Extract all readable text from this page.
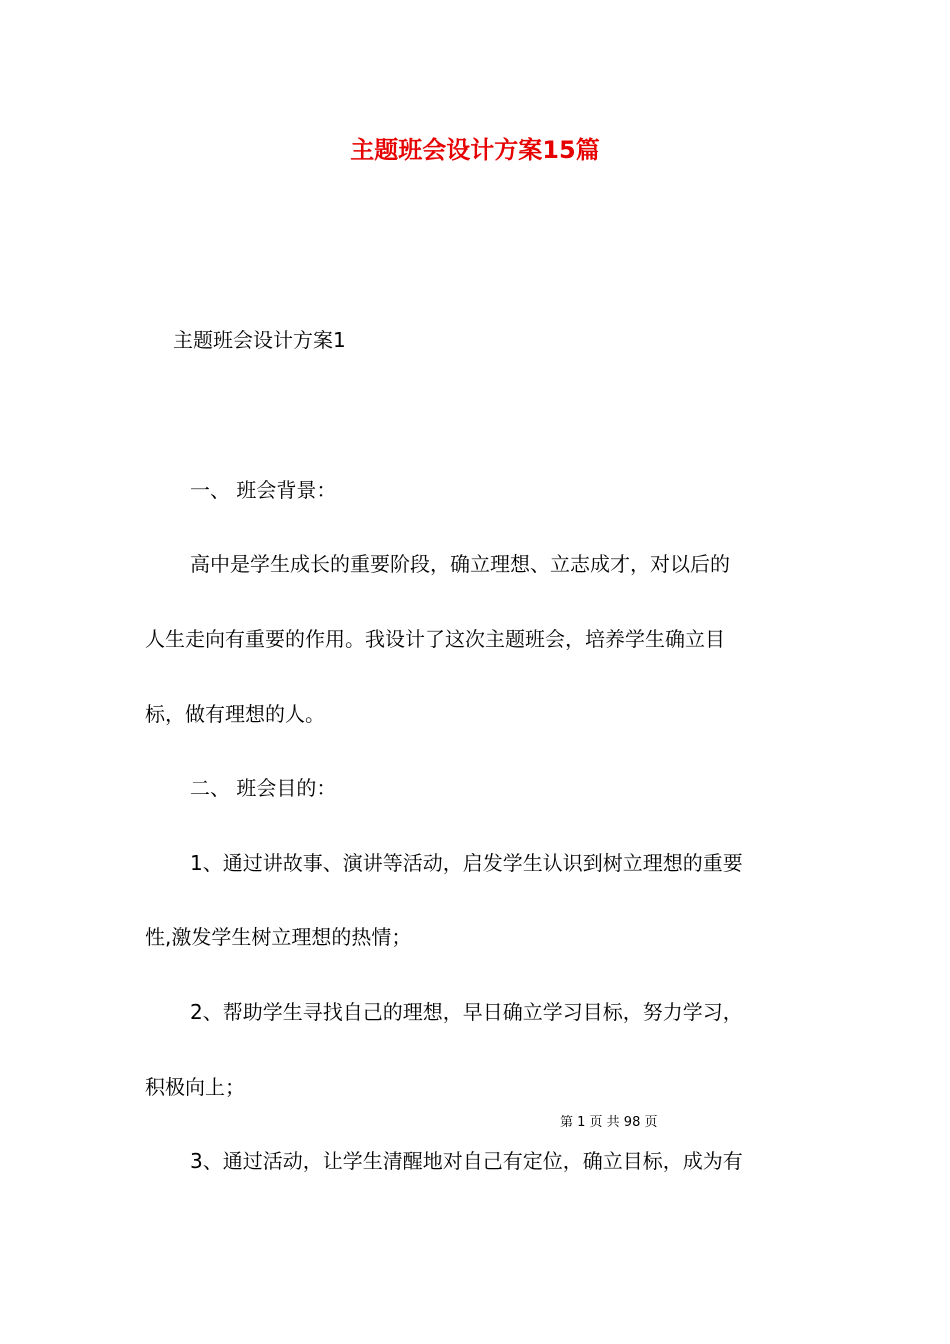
主题班会设计方案15篇
主题班会设计方案1
一、 班会背景：
高中是学生成长的重要阶段，确立理想、立志成才，对以后的
人生走向有重要的作用。我设计了这次主题班会，培养学生确立目
标，做有理想的人。
二、 班会目的：
1、通过讲故事、演讲等活动，启发学生认识到树立理想的重要
性,激发学生树立理想的热情；
2、帮助学生寻找自己的理想，早日确立学习目标，努力学习，
积极向上；
第 1 页 共 98 页
3、通过活动，让学生清醒地对自己有定位，确立目标，成为有
